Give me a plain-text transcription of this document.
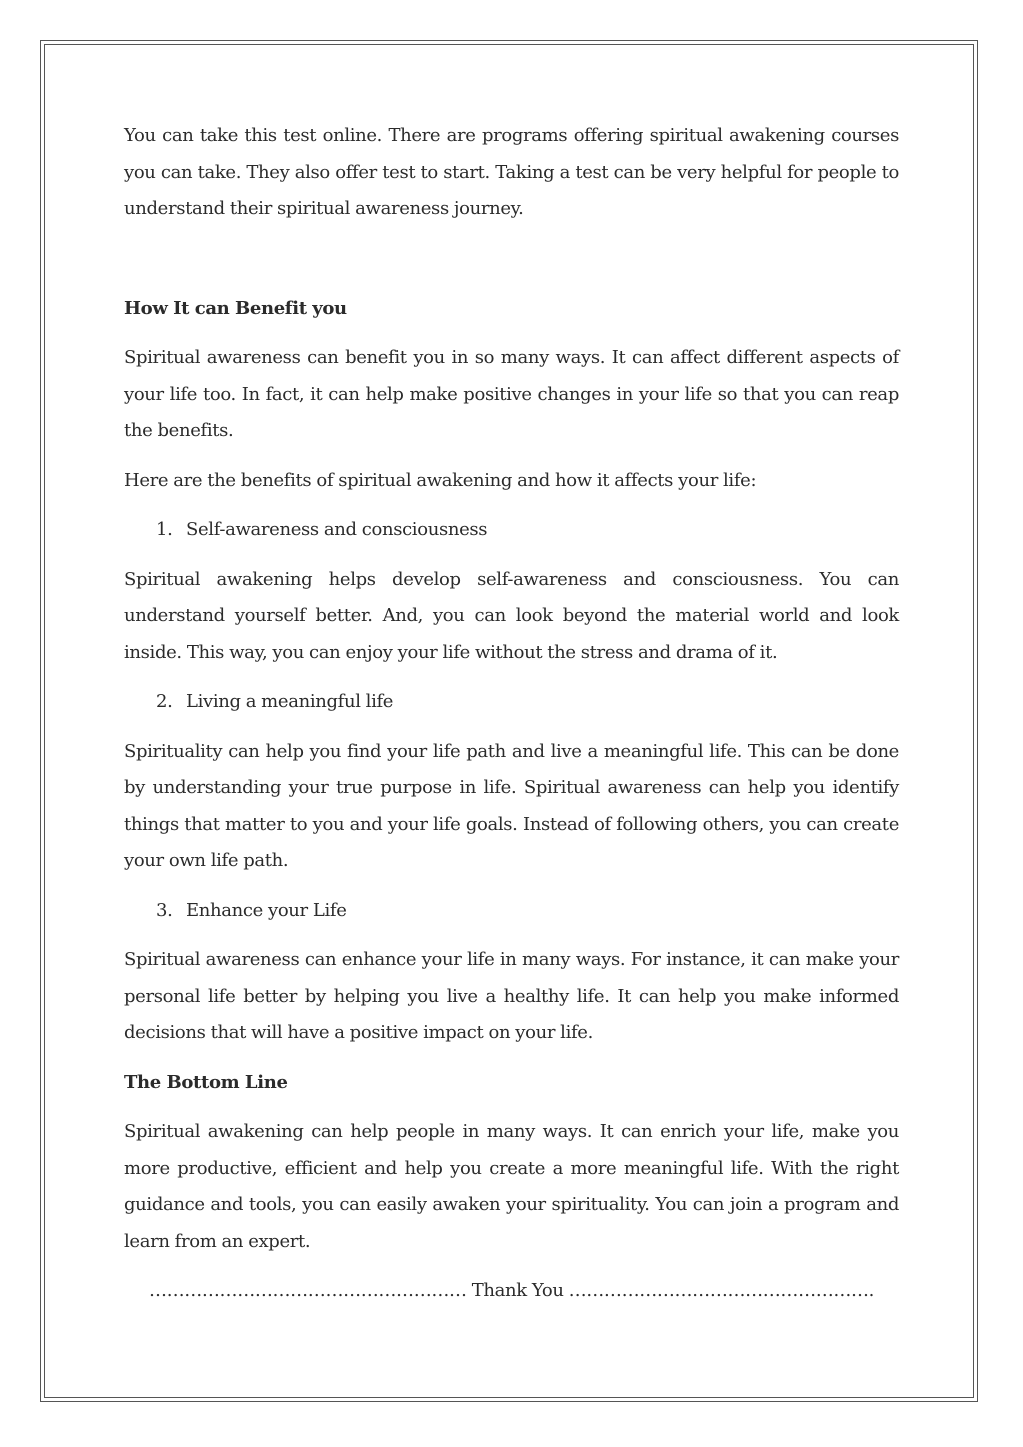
You can take this test online. There are programs offering spiritual awakening courses you can take. They also offer test to start. Taking a test can be very helpful for people to understand their spiritual awareness journey.

How It can Benefit you

Spiritual awareness can benefit you in so many ways. It can affect different aspects of your life too. In fact, it can help make positive changes in your life so that you can reap the benefits.

Here are the benefits of spiritual awakening and how it affects your life:

1. Self-awareness and consciousness

Spiritual awakening helps develop self-awareness and consciousness. You can understand yourself better. And, you can look beyond the material world and look inside. This way, you can enjoy your life without the stress and drama of it.

2. Living a meaningful life

Spirituality can help you find your life path and live a meaningful life. This can be done by understanding your true purpose in life. Spiritual awareness can help you identify things that matter to you and your life goals. Instead of following others, you can create your own life path.

3. Enhance your Life

Spiritual awareness can enhance your life in many ways. For instance, it can make your personal life better by helping you live a healthy life. It can help you make informed decisions that will have a positive impact on your life.

The Bottom Line

Spiritual awakening can help people in many ways. It can enrich your life, make you more productive, efficient and help you create a more meaningful life. With the right guidance and tools, you can easily awaken your spirituality. You can join a program and learn from an expert.

……………………………………………… Thank You …………………………………………….
